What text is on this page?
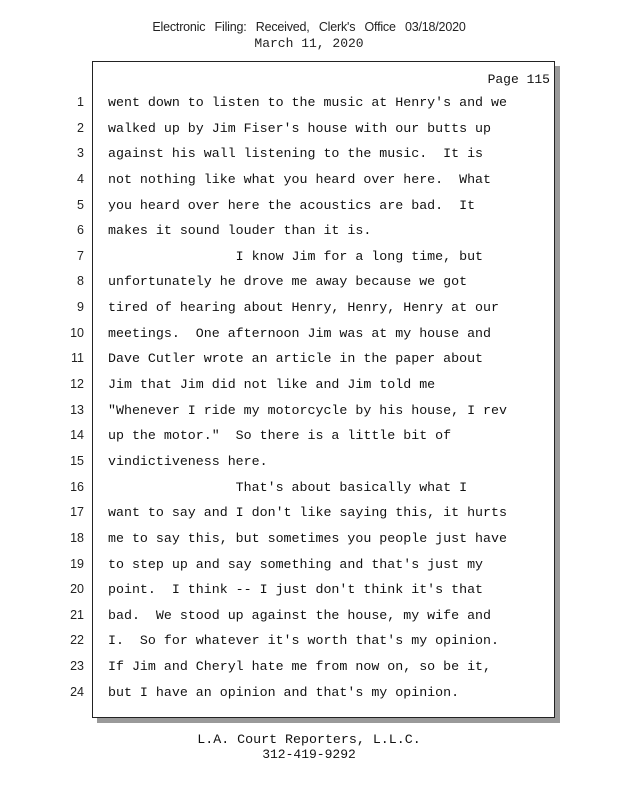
Electronic Filing: Received, Clerk's Office 03/18/2020
March 11, 2020
Page 115
1 went down to listen to the music at Henry's and we
2 walked up by Jim Fiser's house with our butts up
3 against his wall listening to the music.  It is
4 not nothing like what you heard over here.  What
5 you heard over here the acoustics are bad.  It
6 makes it sound louder than it is.
7 I know Jim for a long time, but
8 unfortunately he drove me away because we got
9 tired of hearing about Henry, Henry, Henry at our
10 meetings.  One afternoon Jim was at my house and
11 Dave Cutler wrote an article in the paper about
12 Jim that Jim did not like and Jim told me
13 "Whenever I ride my motorcycle by his house, I rev
14 up the motor."  So there is a little bit of
15 vindictiveness here.
16 That's about basically what I
17 want to say and I don't like saying this, it hurts
18 me to say this, but sometimes you people just have
19 to step up and say something and that's just my
20 point.  I think -- I just don't think it's that
21 bad.  We stood up against the house, my wife and
22 I.  So for whatever it's worth that's my opinion.
23 If Jim and Cheryl hate me from now on, so be it,
24 but I have an opinion and that's my opinion.
L.A. Court Reporters, L.L.C.
312-419-9292
